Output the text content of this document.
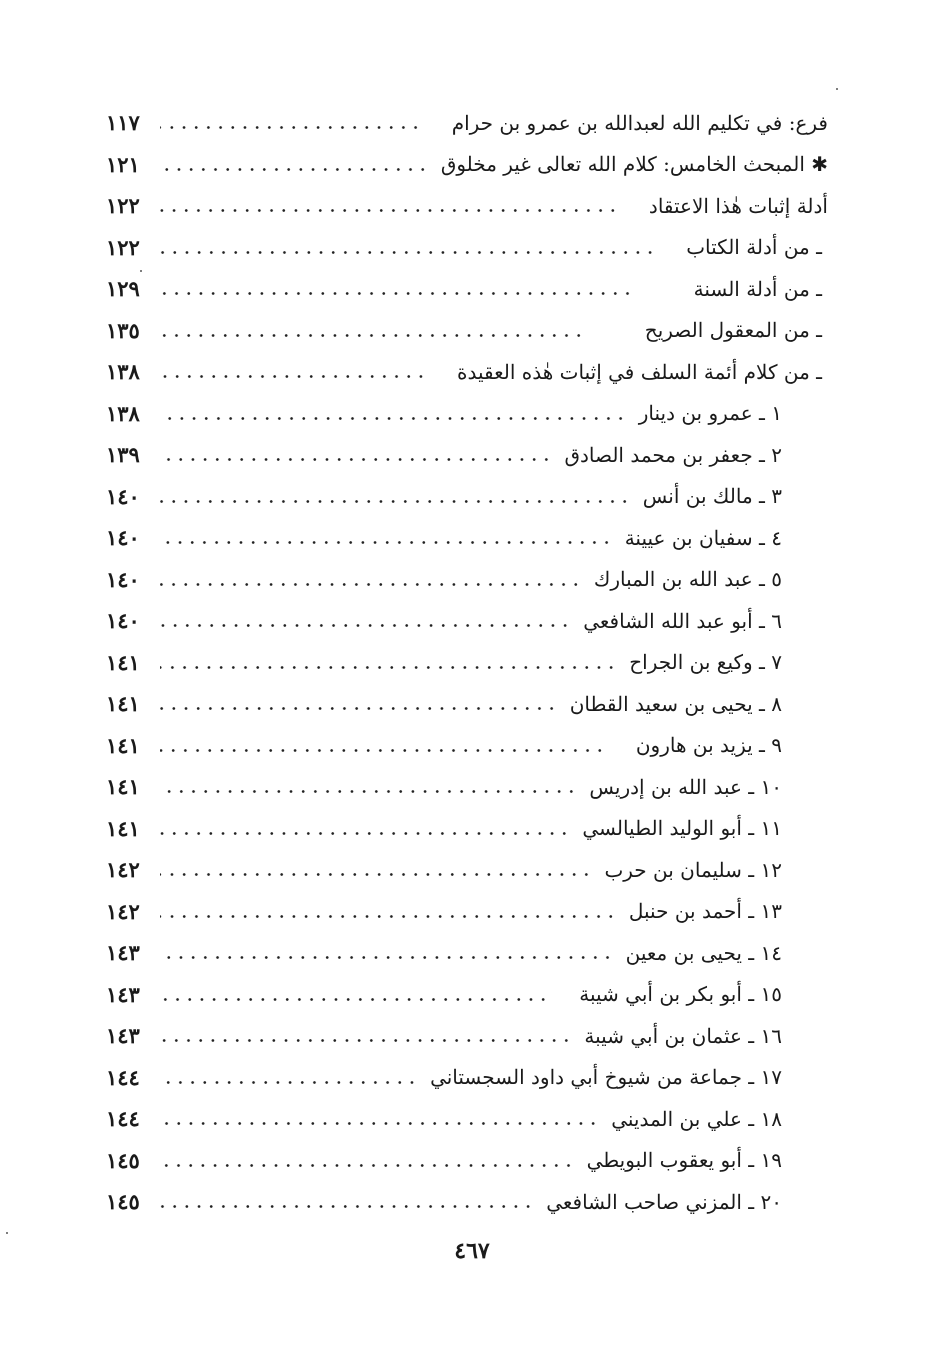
١١٧	فرع: في تكليم الله لعبدالله بن عمرو بن حرام
١٢١	✱ المبحث الخامس: كلام الله تعالى غير مخلوق
١٢٢	أدلة إثبات هٰذا الاعتقاد
١٢٢	ـ من أدلة الكتاب
١٢٩	ـ من أدلة السنة
١٣٥	ـ من المعقول الصريح
١٣٨	ـ من كلام أئمة السلف في إثبات هٰذه العقيدة
١٣٨	١ ـ عمرو بن دينار
١٣٩	٢ ـ جعفر بن محمد الصادق
١٤٠	٣ ـ مالك بن أنس
١٤٠	٤ ـ سفيان بن عيينة
١٤٠	٥ ـ عبد الله بن المبارك
١٤٠	٦ ـ أبو عبد الله الشافعي
١٤١	٧ ـ وكيع بن الجراح
١٤١	٨ ـ يحيى بن سعيد القطان
١٤١	٩ ـ يزيد بن هارون
١٤١	١٠ ـ عبد الله بن إدريس
١٤١	١١ ـ أبو الوليد الطيالسي
١٤٢	١٢ ـ سليمان بن حرب
١٤٢	١٣ ـ أحمد بن حنبل
١٤٣	١٤ ـ يحيى بن معين
١٤٣	١٥ ـ أبو بكر بن أبي شيبة
١٤٣	١٦ ـ عثمان بن أبي شيبة
١٤٤	١٧ ـ جماعة من شيوخ أبي داود السجستاني
١٤٤	١٨ ـ علي بن المديني
١٤٥	١٩ ـ أبو يعقوب البويطي
١٤٥	٢٠ ـ المزني صاحب الشافعي
٤٦٧
